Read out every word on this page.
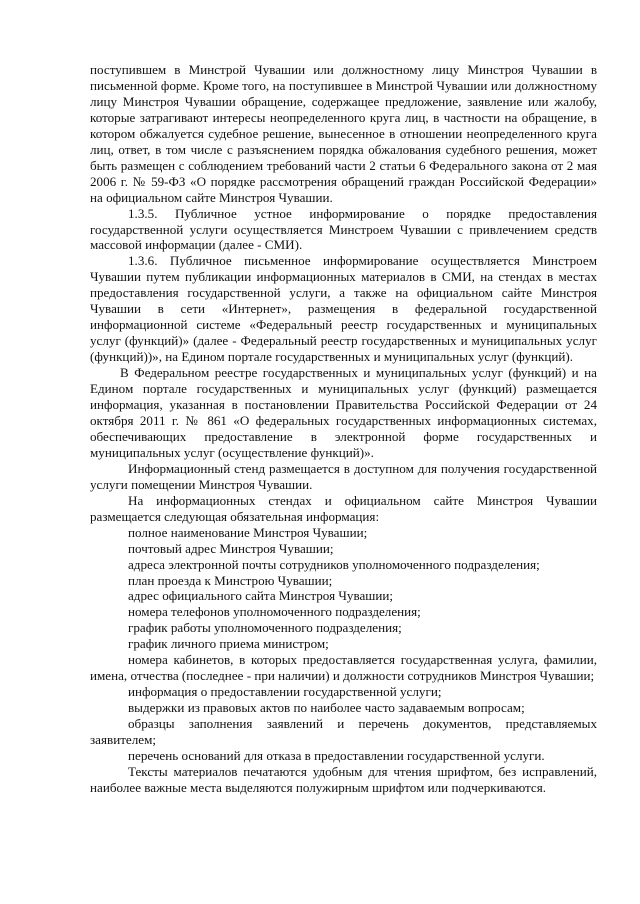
поступившем в Минстрой Чувашии или должностному лицу Минстроя Чувашии в письменной форме. Кроме того, на поступившее в Минстрой Чувашии или должностному лицу Минстроя Чувашии обращение, содержащее предложение, заявление или жалобу, которые затрагивают интересы неопределенного круга лиц, в частности на обращение, в котором обжалуется судебное решение, вынесенное в отношении неопределенного круга лиц, ответ, в том числе с разъяснением порядка обжалования судебного решения, может быть размещен с соблюдением требований части 2 статьи 6 Федерального закона от 2 мая 2006 г. № 59-ФЗ «О порядке рассмотрения обращений граждан Российской Федерации» на официальном сайте Минстроя Чувашии.

1.3.5. Публичное устное информирование о порядке предоставления государственной услуги осуществляется Минстроем Чувашии с привлечением средств массовой информации (далее - СМИ).

1.3.6. Публичное письменное информирование осуществляется Минстроем Чувашии путем публикации информационных материалов в СМИ, на стендах в местах предоставления государственной услуги, а также на официальном сайте Минстроя Чувашии в сети «Интернет», размещения в федеральной государственной информационной системе «Федеральный реестр государственных и муниципальных услуг (функций)» (далее - Федеральный реестр государственных и муниципальных услуг (функций))», на Едином портале государственных и муниципальных услуг (функций).

В Федеральном реестре государственных и муниципальных услуг (функций) и на Едином портале государственных и муниципальных услуг (функций) размещается информация, указанная в постановлении Правительства Российской Федерации от 24 октября 2011 г. № 861 «О федеральных государственных информационных системах, обеспечивающих предоставление в электронной форме государственных и муниципальных услуг (осуществление функций)».

Информационный стенд размещается в доступном для получения государственной услуги помещении Минстроя Чувашии.

На информационных стендах и официальном сайте Минстроя Чувашии размещается следующая обязательная информация:

полное наименование Минстроя Чувашии;

почтовый адрес Минстроя Чувашии;

адреса электронной почты сотрудников уполномоченного подразделения;

план проезда к Минстрою Чувашии;

адрес официального сайта Минстроя Чувашии;

номера телефонов уполномоченного подразделения;

график работы уполномоченного подразделения;

график личного приема министром;

номера кабинетов, в которых предоставляется государственная услуга, фамилии, имена, отчества (последнее - при наличии) и должности сотрудников Минстроя Чувашии;

информация о предоставлении государственной услуги;

выдержки из правовых актов по наиболее часто задаваемым вопросам;

образцы заполнения заявлений и перечень документов, представляемых заявителем;

перечень оснований для отказа в предоставлении государственной услуги.

Тексты материалов печатаются удобным для чтения шрифтом, без исправлений, наиболее важные места выделяются полужирным шрифтом или подчеркиваются.
